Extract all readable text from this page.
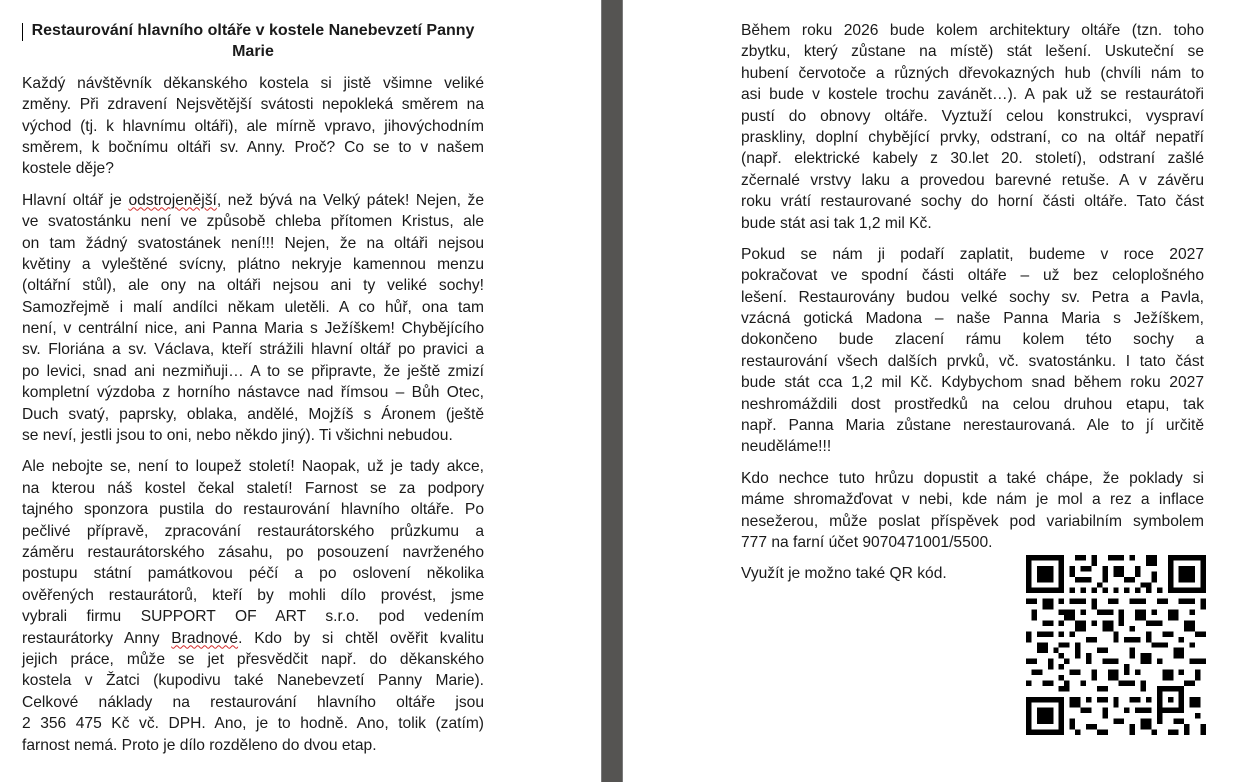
Restaurování hlavního oltáře v kostele Nanebevzetí Panny
Marie
Každý návštěvník děkanského kostela si jistě všimne veliké
změny. Při zdravení Nejsvětější svátosti nepokleká směrem na
východ (tj. k hlavnímu oltáři), ale mírně vpravo, jihovýchodním
směrem, k bočnímu oltáři sv. Anny. Proč? Co se to v našem
kostele děje?
Hlavní oltář je odstrojenější, než bývá na Velký pátek! Nejen, že
ve svatostánku není ve způsobě chleba přítomen Kristus, ale
on tam žádný svatostánek není!!! Nejen, že na oltáři nejsou
květiny a vyleštěné svícny, plátno nekryje kamennou menzu
(oltářní stůl), ale ony na oltáři nejsou ani ty veliké sochy!
Samozřejmě i malí andílci někam uletěli. A co hůř, ona tam
není, v centrální nice, ani Panna Maria s Ježíškem! Chybějícího
sv. Floriána a sv. Václava, kteří strážili hlavní oltář po pravici a
po levici, snad ani nezmiňuji… A to se připravte, že ještě zmizí
kompletní výzdoba z horního nástavce nad římsou – Bůh Otec,
Duch svatý, paprsky, oblaka, andělé, Mojžíš s Áronem (ještě
se neví, jestli jsou to oni, nebo někdo jiný). Ti všichni nebudou.
Ale nebojte se, není to loupež století! Naopak, už je tady akce,
na kterou náš kostel čekal staletí! Farnost se za podpory
tajného sponzora pustila do restaurování hlavního oltáře. Po
pečlivé přípravě, zpracování restaurátorského průzkumu a
záměru restaurátorského zásahu, po posouzení navrženého
postupu státní památkovou péčí a po oslovení několika
ověřených restaurátorů, kteří by mohli dílo provést, jsme
vybrali firmu SUPPORT OF ART s.r.o. pod vedením
restaurátorky Anny Bradnové. Kdo by si chtěl ověřit kvalitu
jejich práce, může se jet přesvědčit např. do děkanského
kostela v Žatci (kupodivu také Nanebevzetí Panny Marie).
Celkové náklady na restaurování hlavního oltáře jsou
2 356 475 Kč vč. DPH. Ano, je to hodně. Ano, tolik (zatím)
farnost nemá. Proto je dílo rozděleno do dvou etap.
Během roku 2026 bude kolem architektury oltáře (tzn. toho
zbytku, který zůstane na místě) stát lešení. Uskuteční se
hubení červotoče a různých dřevokazných hub (chvíli nám to
asi bude v kostele trochu zavánět…). A pak už se restaurátoři
pustí do obnovy oltáře. Vyztuží celou konstrukci, vyspraví
praskliny, doplní chybějící prvky, odstraní, co na oltář nepatří
(např. elektrické kabely z 30.let 20. století), odstraní zašlé
zčernalé vrstvy laku a provedou barevné retuše. A v závěru
roku vrátí restaurované sochy do horní části oltáře. Tato část
bude stát asi tak 1,2 mil Kč.
Pokud se nám ji podaří zaplatit, budeme v roce 2027
pokračovat ve spodní části oltáře – už bez celoplošného
lešení. Restaurovány budou velké sochy sv. Petra a Pavla,
vzácná gotická Madona – naše Panna Maria s Ježíškem,
dokončeno bude zlacení rámu kolem této sochy a
restaurování všech dalších prvků, vč. svatostánku. I tato část
bude stát cca 1,2 mil Kč. Kdybychom snad během roku 2027
neshromáždili dost prostředků na celou druhou etapu, tak
např. Panna Maria zůstane nerestaurovaná. Ale to jí určitě
neuděláme!!!
Kdo nechce tuto hrůzu dopustit a také chápe, že poklady si
máme shromažďovat v nebi, kde nám je mol a rez a inflace
nesežerou, může poslat příspěvek pod variabilním symbolem
777 na farní účet 9070471001/5500.
Využít je možno také QR kód.
